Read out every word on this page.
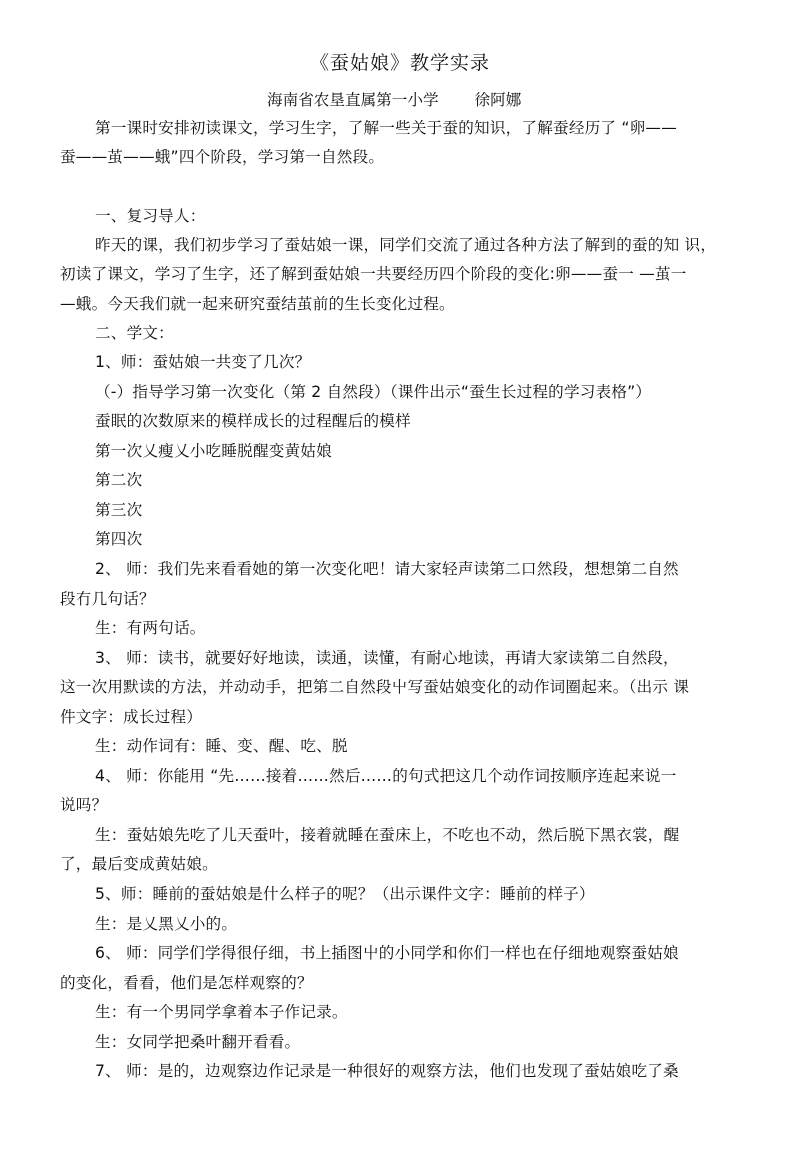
《蚕姑娘》教学实录
海南省农垦直属第一小学 徐阿娜
第一课时安排初读课文，学习生字，了解一些关于蚕的知识，了解蚕经历了 “卵——
蚕——茧——蛾”四个阶段，学习第一自然段。
一、复习导人：
昨天的课，我们初步学习了蚕姑娘一课，同学们交流了通过各种方法了解到的蚕的知 识，
初读了课文，学习了生字，还了解到蚕姑娘一共要经历四个阶段的变化:卵——蚕一 —茧一
—蛾。今天我们就一起来研究蚕结茧前的生长变化过程。
二、学文：
1、师：蚕姑娘一共变了几次？
（-）指导学习第一次变化（第 2 自然段）（课件出示“蚕生长过程的学习表格”）
蚕眠的次数原来的模样成长的过程醒后的模样
第一次乂瘦乂小吃睡脱醒变黄姑娘
第二次
第三次
第四次
2、 师：我们先来看看她的第一次变化吧！请大家轻声读第二口然段，想想第二自然
段冇几句话？
生：有两句话。
3、 师：读书，就要好好地读，读通，读懂，有耐心地读，再请大家读第二自然段，
这一次用默读的方法，并动动手，把第二自然段屮写蚕姑娘变化的动作词圈起来。（出示 课
件文字：成长过程）
生：动作词有：睡、变、醒、吃、脱
4、 师：你能用 “先……接着……然后……的句式把这几个动作词按顺序连起来说一
说吗？
生：蚕姑娘先吃了儿天蚕叶，接着就睡在蚕床上，不吃也不动，然后脱下黑衣裳，醒
了，最后变成黄姑娘。
5、师：睡前的蚕姑娘是什么样子的呢？（出示课件文字：睡前的样子）
生：是乂黑乂小的。
6、 师：同学们学得很仔细，书上插图屮的小同学和你们一样也在仔细地观察蚕姑娘
的变化，看看，他们是怎样观察的？
生：有一个男同学拿着本子作记录。
生：女同学把桑叶翻开看看。
7、 师：是的，边观察边作记录是一种很好的观察方法，他们也发现了蚕姑娘吃了桑
